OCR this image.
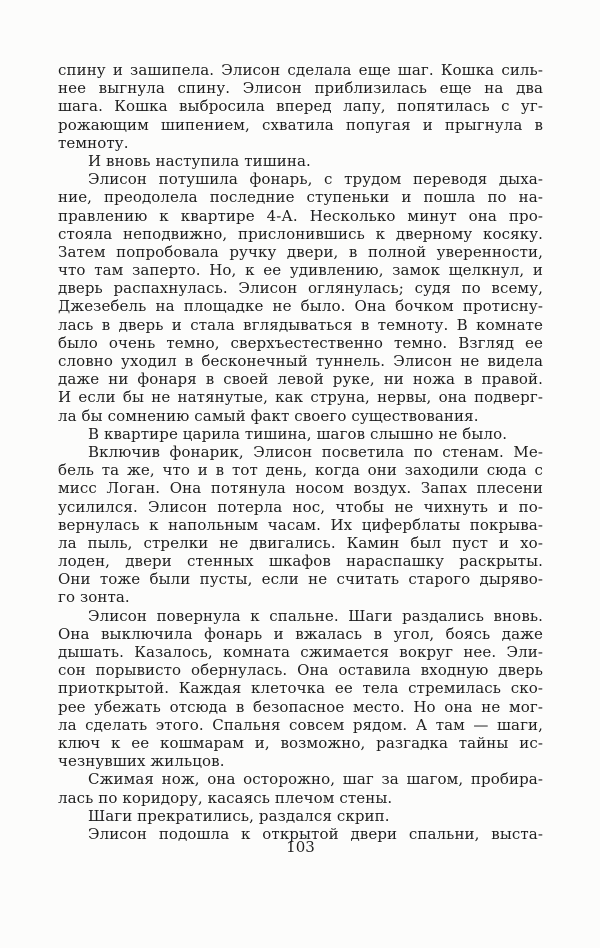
спину и зашипела. Элисон сделала еще шаг. Кошка силь-
нее выгнула спину. Элисон приблизилась еще на два
шага. Кошка выбросила вперед лапу, попятилась с уг-
рожающим шипением, схватила попугая и прыгнула в
темноту.
И вновь наступила тишина.
Элисон потушила фонарь, с трудом переводя дыха-
ние, преодолела последние ступеньки и пошла по на-
правлению к квартире 4-А. Несколько минут она про-
стояла неподвижно, прислонившись к дверному косяку.
Затем попробовала ручку двери, в полной уверенности,
что там заперто. Но, к ее удивлению, замок щелкнул, и
дверь распахнулась. Элисон оглянулась; судя по всему,
Джезебель на площадке не было. Она бочком протисну-
лась в дверь и стала вглядываться в темноту. В комнате
было очень темно, сверхъестественно темно. Взгляд ее
словно уходил в бесконечный туннель. Элисон не видела
даже ни фонаря в своей левой руке, ни ножа в правой.
И если бы не натянутые, как струна, нервы, она подверг-
ла бы сомнению самый факт своего существования.
В квартире царила тишина, шагов слышно не было.
Включив фонарик, Элисон посветила по стенам. Ме-
бель та же, что и в тот день, когда они заходили сюда с
мисс Логан. Она потянула носом воздух. Запах плесени
усилился. Элисон потерла нос, чтобы не чихнуть и по-
вернулась к напольным часам. Их циферблаты покрыва-
ла пыль, стрелки не двигались. Камин был пуст и хо-
лоден, двери стенных шкафов нараспашку раскрыты.
Они тоже были пусты, если не считать старого дыряво-
го зонта.
Элисон повернула к спальне. Шаги раздались вновь.
Она выключила фонарь и вжалась в угол, боясь даже
дышать. Казалось, комната сжимается вокруг нее. Эли-
сон порывисто обернулась. Она оставила входную дверь
приоткрытой. Каждая клеточка ее тела стремилась ско-
рее убежать отсюда в безопасное место. Но она не мог-
ла сделать этого. Спальня совсем рядом. А там — шаги,
ключ к ее кошмарам и, возможно, разгадка тайны ис-
чезнувших жильцов.
Сжимая нож, она осторожно, шаг за шагом, пробира-
лась по коридору, касаясь плечом стены.
Шаги прекратились, раздался скрип.
Элисон подошла к открытой двери спальни, выста-
103
